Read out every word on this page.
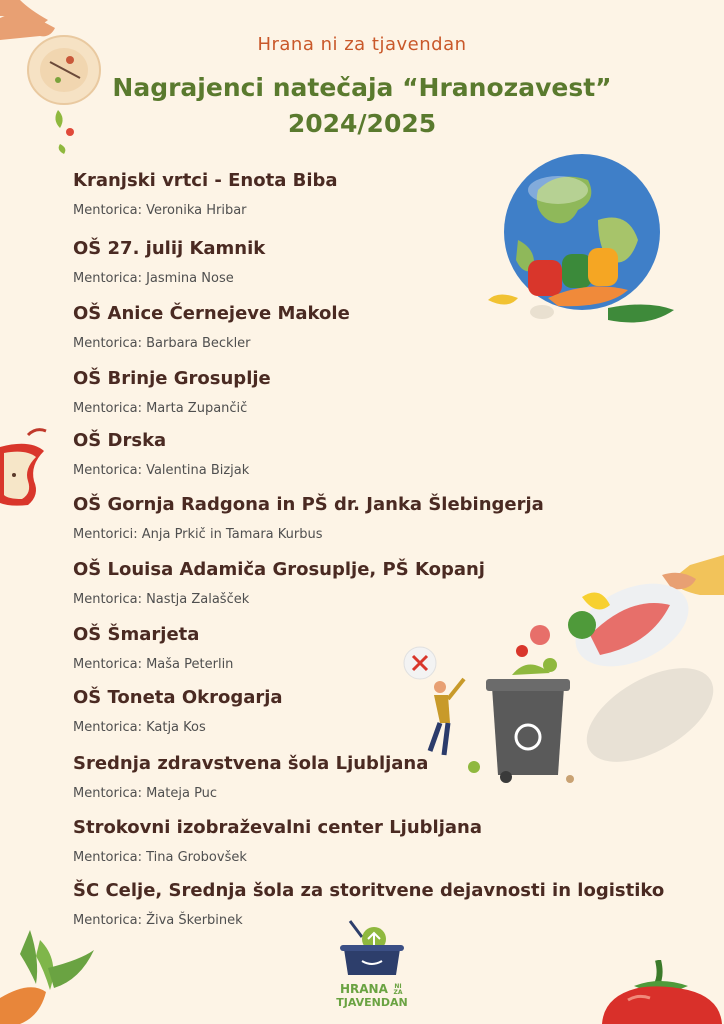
Hrana ni za tjavendan
Nagrajenci natečaja “Hranozavest”
2024/2025
Kranjski vrtci - Enota Biba
Mentorica: Veronika Hribar
OŠ 27. julij Kamnik
Mentorica: Jasmina Nose
OŠ Anice Černejeve Makole
Mentorica: Barbara Beckler
OŠ Brinje Grosuplje
Mentorica: Marta Zupančič
OŠ Drska
Mentorica: Valentina Bizjak
OŠ Gornja Radgona in PŠ dr. Janka Šlebingerja
Mentorici: Anja Prkič in Tamara Kurbus
OŠ Louisa Adamiča Grosuplje, PŠ Kopanj
Mentorica: Nastja Zalašček
OŠ Šmarjeta
Mentorica: Maša Peterlin
OŠ Toneta Okrogarja
Mentorica: Katja Kos
Srednja zdravstvena šola Ljubljana
Mentorica: Mateja Puc
Strokovni izobraževalni center Ljubljana
Mentorica: Tina Grobovšek
ŠC Celje, Srednja šola za storitvene dejavnosti in logistiko
Mentorica: Živa Škerbinek
HRANA NI ZA
TJAVENDAN
